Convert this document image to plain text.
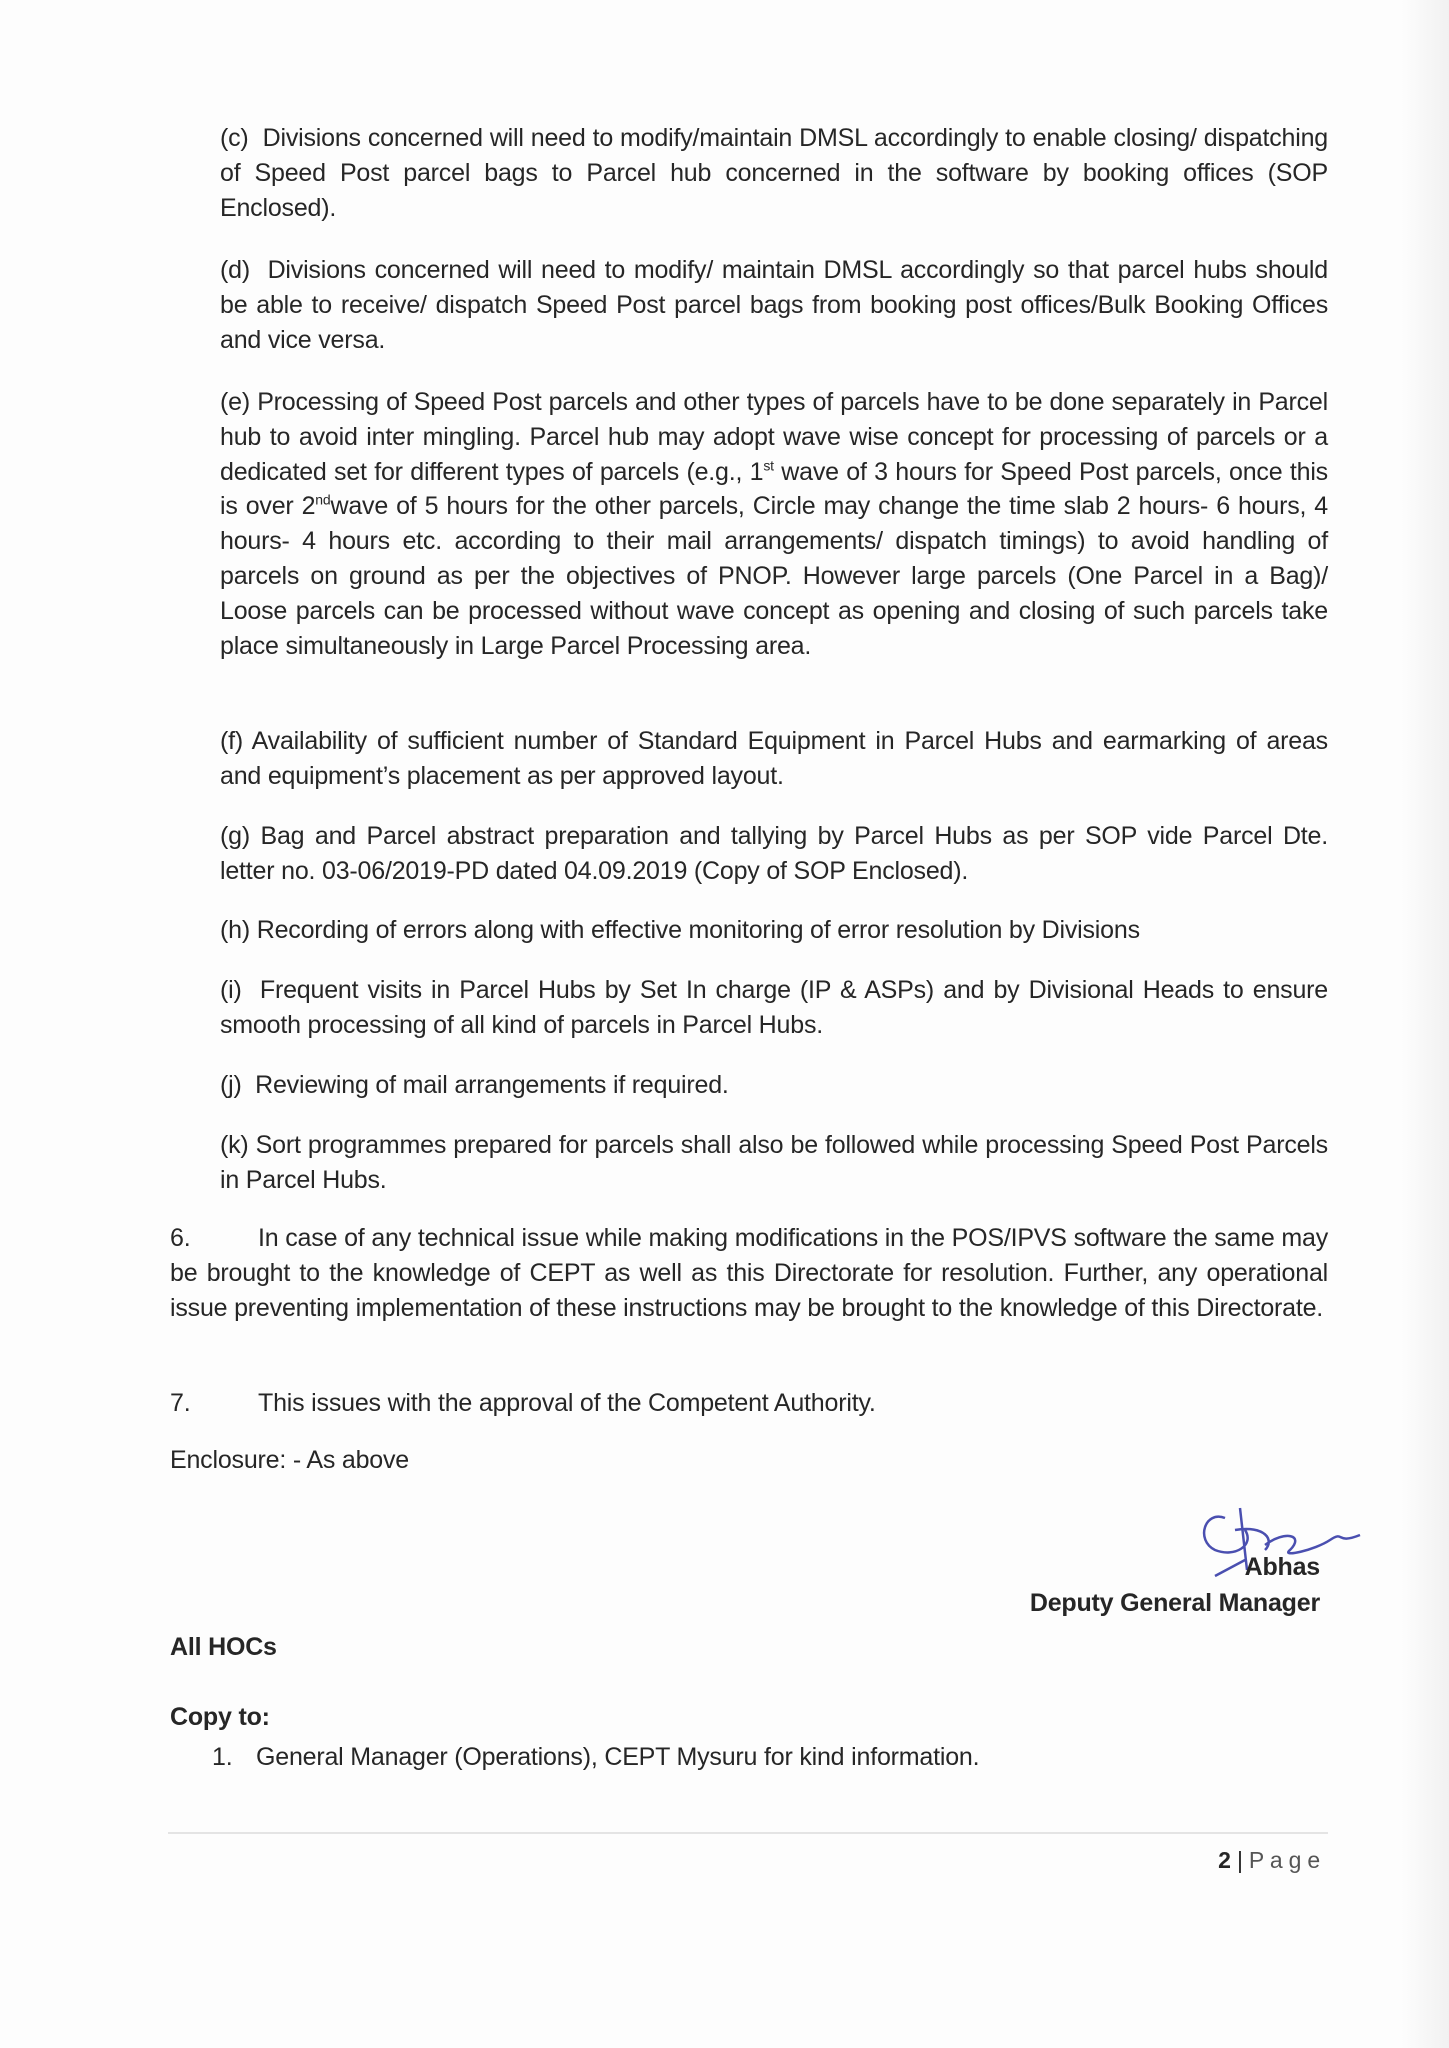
(c) Divisions concerned will need to modify/maintain DMSL accordingly to enable closing/ dispatching of Speed Post parcel bags to Parcel hub concerned in the software by booking offices (SOP Enclosed).
(d) Divisions concerned will need to modify/ maintain DMSL accordingly so that parcel hubs should be able to receive/ dispatch Speed Post parcel bags from booking post offices/Bulk Booking Offices and vice versa.
(e) Processing of Speed Post parcels and other types of parcels have to be done separately in Parcel hub to avoid inter mingling. Parcel hub may adopt wave wise concept for processing of parcels or a dedicated set for different types of parcels (e.g., 1st wave of 3 hours for Speed Post parcels, once this is over 2ndwave of 5 hours for the other parcels, Circle may change the time slab 2 hours- 6 hours, 4 hours- 4 hours etc. according to their mail arrangements/ dispatch timings) to avoid handling of parcels on ground as per the objectives of PNOP. However large parcels (One Parcel in a Bag)/ Loose parcels can be processed without wave concept as opening and closing of such parcels take place simultaneously in Large Parcel Processing area.
(f) Availability of sufficient number of Standard Equipment in Parcel Hubs and earmarking of areas and equipment’s placement as per approved layout.
(g) Bag and Parcel abstract preparation and tallying by Parcel Hubs as per SOP vide Parcel Dte. letter no. 03-06/2019-PD dated 04.09.2019 (Copy of SOP Enclosed).
(h) Recording of errors along with effective monitoring of error resolution by Divisions
(i) Frequent visits in Parcel Hubs by Set In charge (IP & ASPs) and by Divisional Heads to ensure smooth processing of all kind of parcels in Parcel Hubs.
(j) Reviewing of mail arrangements if required.
(k) Sort programmes prepared for parcels shall also be followed while processing Speed Post Parcels in Parcel Hubs.
6.	In case of any technical issue while making modifications in the POS/IPVS software the same may be brought to the knowledge of CEPT as well as this Directorate for resolution. Further, any operational issue preventing implementation of these instructions may be brought to the knowledge of this Directorate.
7.	This issues with the approval of the Competent Authority.
Enclosure: - As above
Abhas
Deputy General Manager
All HOCs
Copy to:
1. General Manager (Operations), CEPT Mysuru for kind information.
2 | P a g e
